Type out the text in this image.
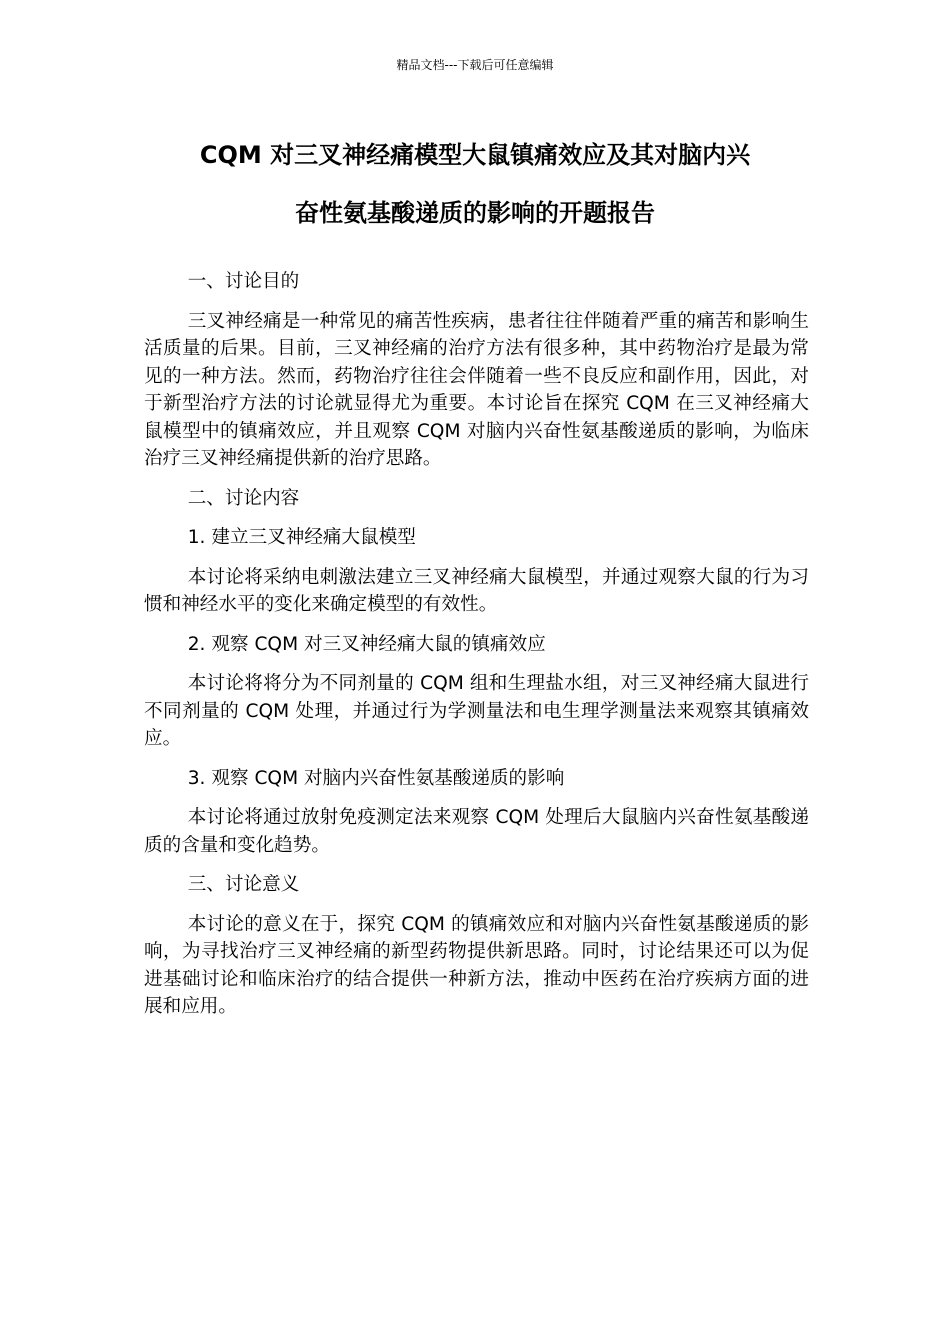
精品文档---下载后可任意编辑
CQM 对三叉神经痛模型大鼠镇痛效应及其对脑内兴
奋性氨基酸递质的影响的开题报告

一、讨论目的

三叉神经痛是一种常见的痛苦性疾病，患者往往伴随着严重的痛苦和影响生活质量的后果。目前，三叉神经痛的治疗方法有很多种，其中药物治疗是最为常见的一种方法。然而，药物治疗往往会伴随着一些不良反应和副作用，因此，对于新型治疗方法的讨论就显得尤为重要。本讨论旨在探究 CQM 在三叉神经痛大鼠模型中的镇痛效应，并且观察 CQM 对脑内兴奋性氨基酸递质的影响，为临床治疗三叉神经痛提供新的治疗思路。

二、讨论内容

1. 建立三叉神经痛大鼠模型

本讨论将采纳电刺激法建立三叉神经痛大鼠模型，并通过观察大鼠的行为习惯和神经水平的变化来确定模型的有效性。

2. 观察 CQM 对三叉神经痛大鼠的镇痛效应

本讨论将将分为不同剂量的 CQM 组和生理盐水组，对三叉神经痛大鼠进行不同剂量的 CQM 处理，并通过行为学测量法和电生理学测量法来观察其镇痛效应。

3. 观察 CQM 对脑内兴奋性氨基酸递质的影响

本讨论将通过放射免疫测定法来观察 CQM 处理后大鼠脑内兴奋性氨基酸递质的含量和变化趋势。

三、讨论意义

本讨论的意义在于，探究 CQM 的镇痛效应和对脑内兴奋性氨基酸递质的影响，为寻找治疗三叉神经痛的新型药物提供新思路。同时，讨论结果还可以为促进基础讨论和临床治疗的结合提供一种新方法，推动中医药在治疗疾病方面的进展和应用。
